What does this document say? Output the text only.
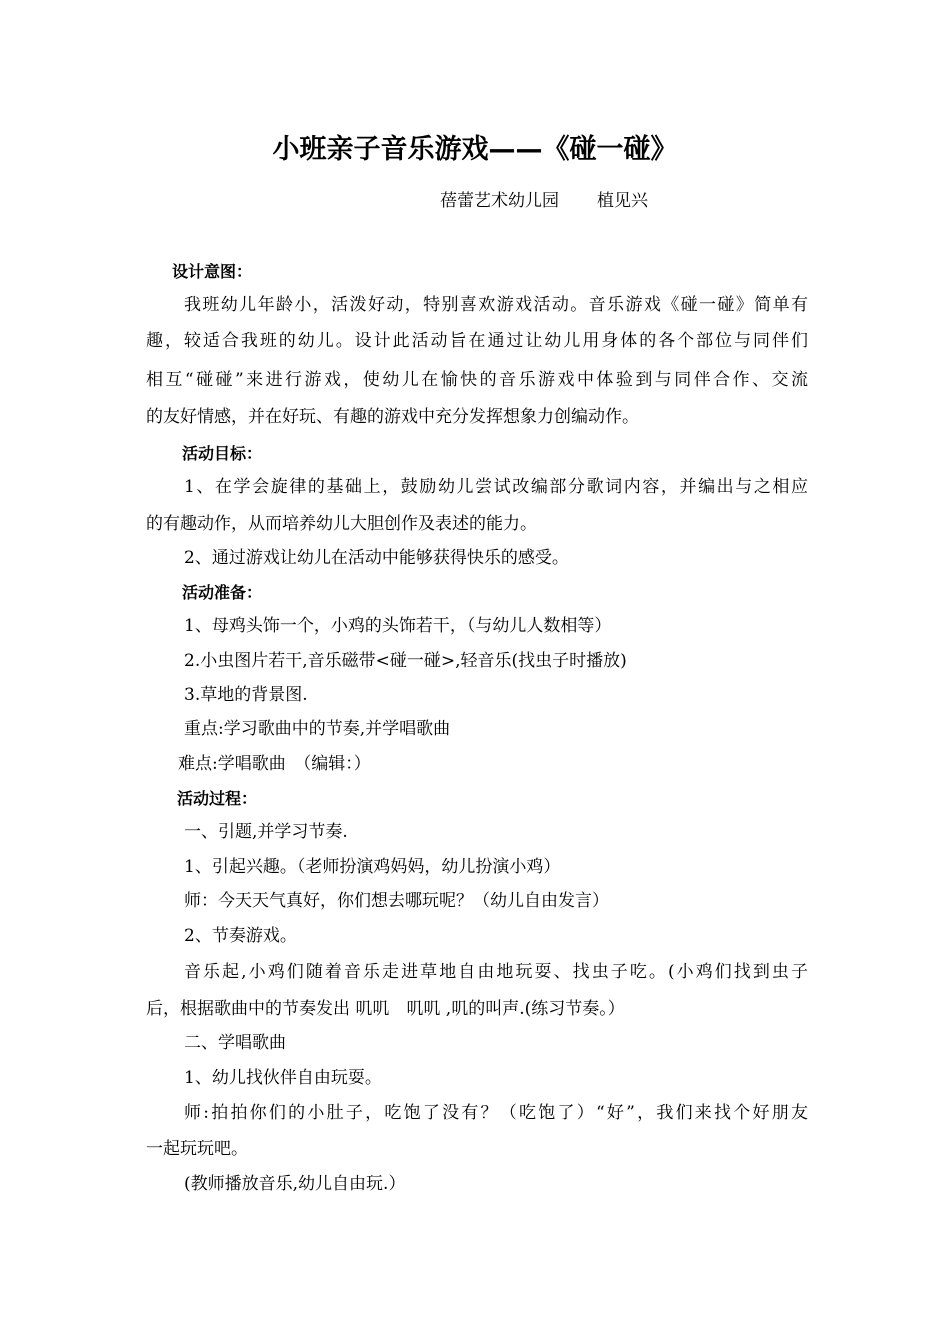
小班亲子音乐游戏——《碰一碰》
蓓蕾艺术幼儿园 植见兴
设计意图：
我班幼儿年龄小，活泼好动，特别喜欢游戏活动。音乐游戏《碰一碰》简单有
趣，较适合我班的幼儿。设计此活动旨在通过让幼儿用身体的各个部位与同伴们
相互“碰碰”来进行游戏，使幼儿在愉快的音乐游戏中体验到与同伴合作、交流
的友好情感，并在好玩、有趣的游戏中充分发挥想象力创编动作。
活动目标：
1、在学会旋律的基础上，鼓励幼儿尝试改编部分歌词内容，并编出与之相应
的有趣动作，从而培养幼儿大胆创作及表述的能力。
2、通过游戏让幼儿在活动中能够获得快乐的感受。
活动准备：
1、母鸡头饰一个，小鸡的头饰若干，（与幼儿人数相等）
2.小虫图片若干,音乐磁带<碰一碰>,轻音乐(找虫子时播放)
3.草地的背景图.
重点:学习歌曲中的节奏,并学唱歌曲
难点:学唱歌曲　（编辑：）
活动过程：
一、引题,并学习节奏.
1、引起兴趣。（老师扮演鸡妈妈，幼儿扮演小鸡）
师：今天天气真好，你们想去哪玩呢？（幼儿自由发言）
2、节奏游戏。
音乐起,小鸡们随着音乐走进草地自由地玩耍、找虫子吃。(小鸡们找到虫子
后，根据歌曲中的节奏发出 叽叽　叽叽 ,叽的叫声.(练习节奏。）
二、学唱歌曲
1、幼儿找伙伴自由玩耍。
师:拍拍你们的小肚子，吃饱了没有？（吃饱了）“好”，我们来找个好朋友
一起玩玩吧。
(教师播放音乐,幼儿自由玩.）
